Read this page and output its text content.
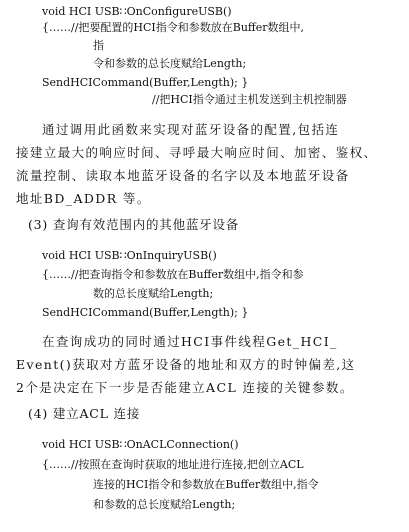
void HCI USB∷OnConfigureUSB()
{……//把要配置的HCI指令和参数放在Buffer数组中,
指
令和参数的总长度赋给Length;
SendHCICommand(Buffer,Length); }
//把HCI指令通过主机发送到主机控制器
通过调用此函数来实现对蓝牙设备的配置,包括连
接建立最大的响应时间、寻呼最大响应时间、加密、鉴权、
流量控制、读取本地蓝牙设备的名字以及本地蓝牙设备
地址BD_ADDR 等。
(3) 查询有效范围内的其他蓝牙设备
void HCI USB∷OnInquiryUSB()
{……//把查询指令和参数放在Buffer数组中,指令和参
数的总长度赋给Length;
SendHCICommand(Buffer,Length); }
在查询成功的同时通过HCI事件线程Get_HCI_
Event()获取对方蓝牙设备的地址和双方的时钟偏差,这
2个是决定在下一步是否能建立ACL 连接的关键参数。
(4) 建立ACL 连接
void HCI USB∷OnACLConnection()
{……//按照在查询时获取的地址进行连接,把创立ACL
连接的HCI指令和参数放在Buffer数组中,指令
和参数的总长度赋给Length;
